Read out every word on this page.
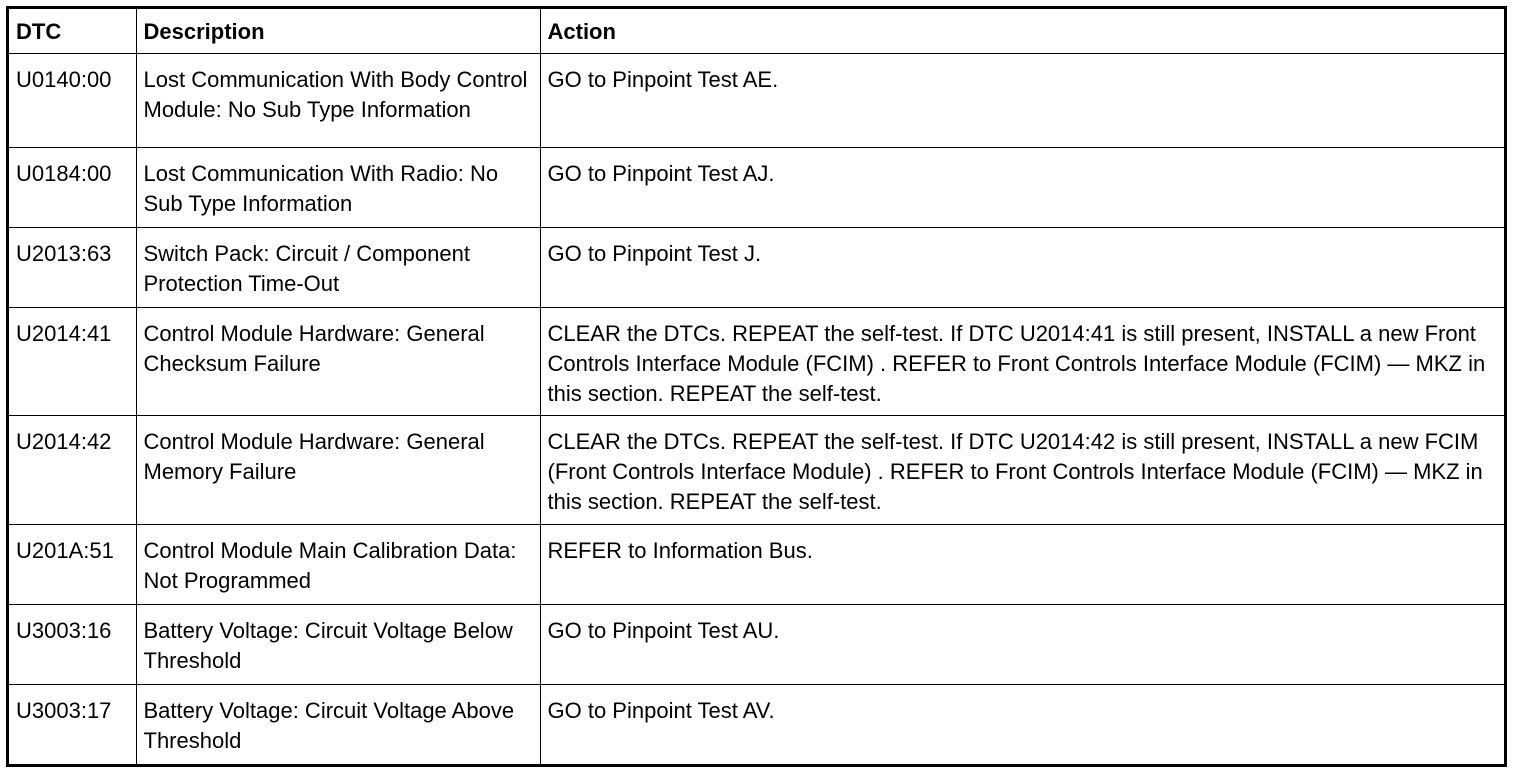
DTC	Description	Action
U0140:00	Lost Communication With Body Control Module: No Sub Type Information	GO to Pinpoint Test AE.
U0184:00	Lost Communication With Radio: No Sub Type Information	GO to Pinpoint Test AJ.
U2013:63	Switch Pack: Circuit / Component Protection Time-Out	GO to Pinpoint Test J.
U2014:41	Control Module Hardware: General Checksum Failure	CLEAR the DTCs. REPEAT the self-test. If DTC U2014:41 is still present, INSTALL a new Front Controls Interface Module (FCIM) . REFER to Front Controls Interface Module (FCIM) — MKZ in this section. REPEAT the self-test.
U2014:42	Control Module Hardware: General Memory Failure	CLEAR the DTCs. REPEAT the self-test. If DTC U2014:42 is still present, INSTALL a new FCIM (Front Controls Interface Module) . REFER to Front Controls Interface Module (FCIM) — MKZ in this section. REPEAT the self-test.
U201A:51	Control Module Main Calibration Data: Not Programmed	REFER to Information Bus.
U3003:16	Battery Voltage: Circuit Voltage Below Threshold	GO to Pinpoint Test AU.
U3003:17	Battery Voltage: Circuit Voltage Above Threshold	GO to Pinpoint Test AV.
